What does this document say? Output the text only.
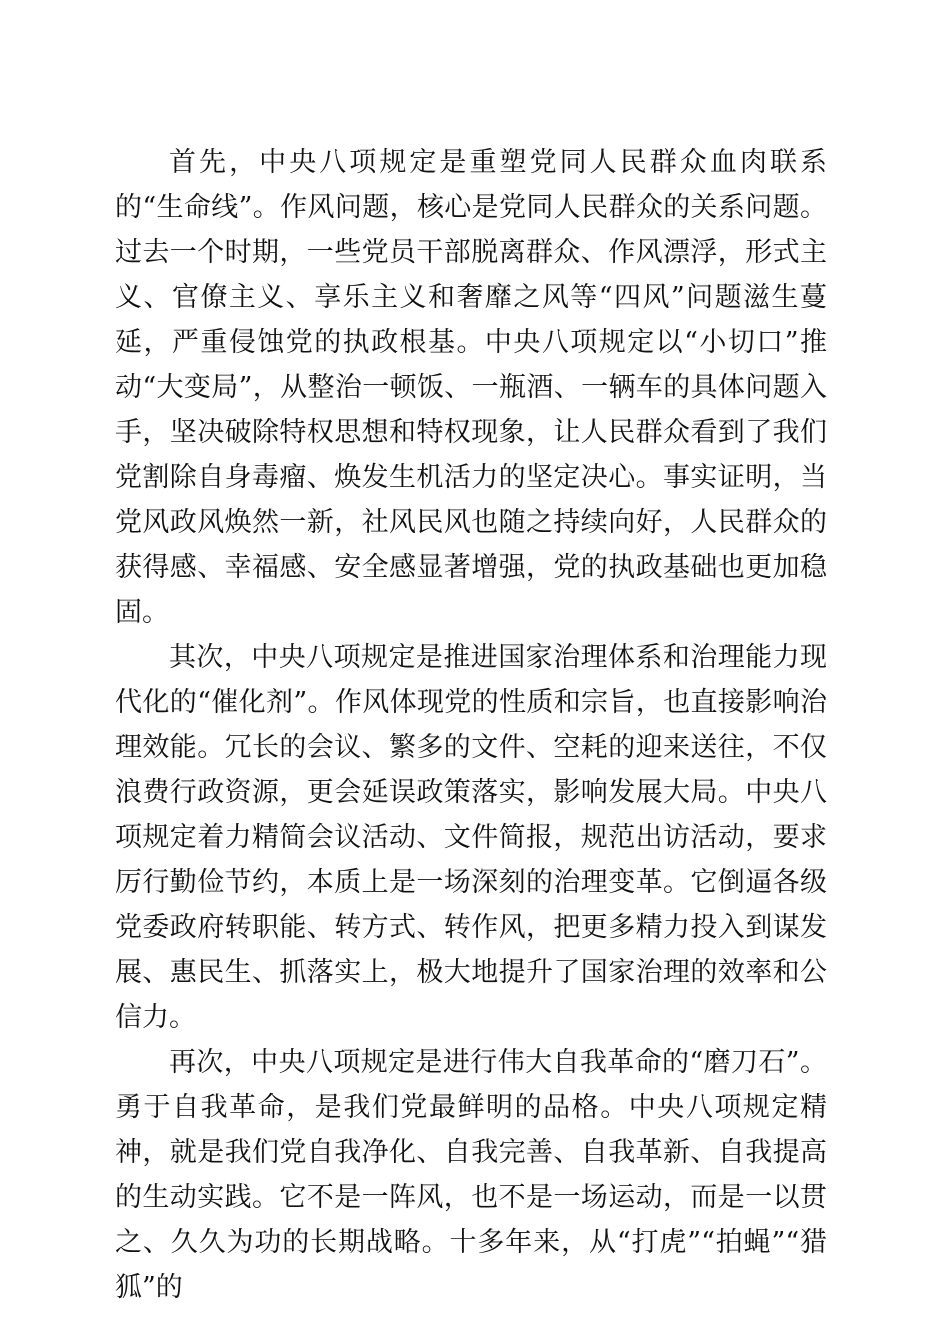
首先，中央八项规定是重塑党同人民群众血肉联系的“生命线”。作风问题，核心是党同人民群众的关系问题。过去一个时期，一些党员干部脱离群众、作风漂浮，形式主义、官僚主义、享乐主义和奢靡之风等“四风”问题滋生蔓延，严重侵蚀党的执政根基。中央八项规定以“小切口”推动“大变局”，从整治一顿饭、一瓶酒、一辆车的具体问题入手，坚决破除特权思想和特权现象，让人民群众看到了我们党割除自身毒瘤、焕发生机活力的坚定决心。事实证明，当党风政风焕然一新，社风民风也随之持续向好，人民群众的获得感、幸福感、安全感显著增强，党的执政基础也更加稳固。

其次，中央八项规定是推进国家治理体系和治理能力现代化的“催化剂”。作风体现党的性质和宗旨，也直接影响治理效能。冗长的会议、繁多的文件、空耗的迎来送往，不仅浪费行政资源，更会延误政策落实，影响发展大局。中央八项规定着力精简会议活动、文件简报，规范出访活动，要求厉行勤俭节约，本质上是一场深刻的治理变革。它倒逼各级党委政府转职能、转方式、转作风，把更多精力投入到谋发展、惠民生、抓落实上，极大地提升了国家治理的效率和公信力。

再次，中央八项规定是进行伟大自我革命的“磨刀石”。勇于自我革命，是我们党最鲜明的品格。中央八项规定精神，就是我们党自我净化、自我完善、自我革新、自我提高的生动实践。它不是一阵风，也不是一场运动，而是一以贯之、久久为功的长期战略。十多年来，从“打虎”“拍蝇”“猎狐”的
